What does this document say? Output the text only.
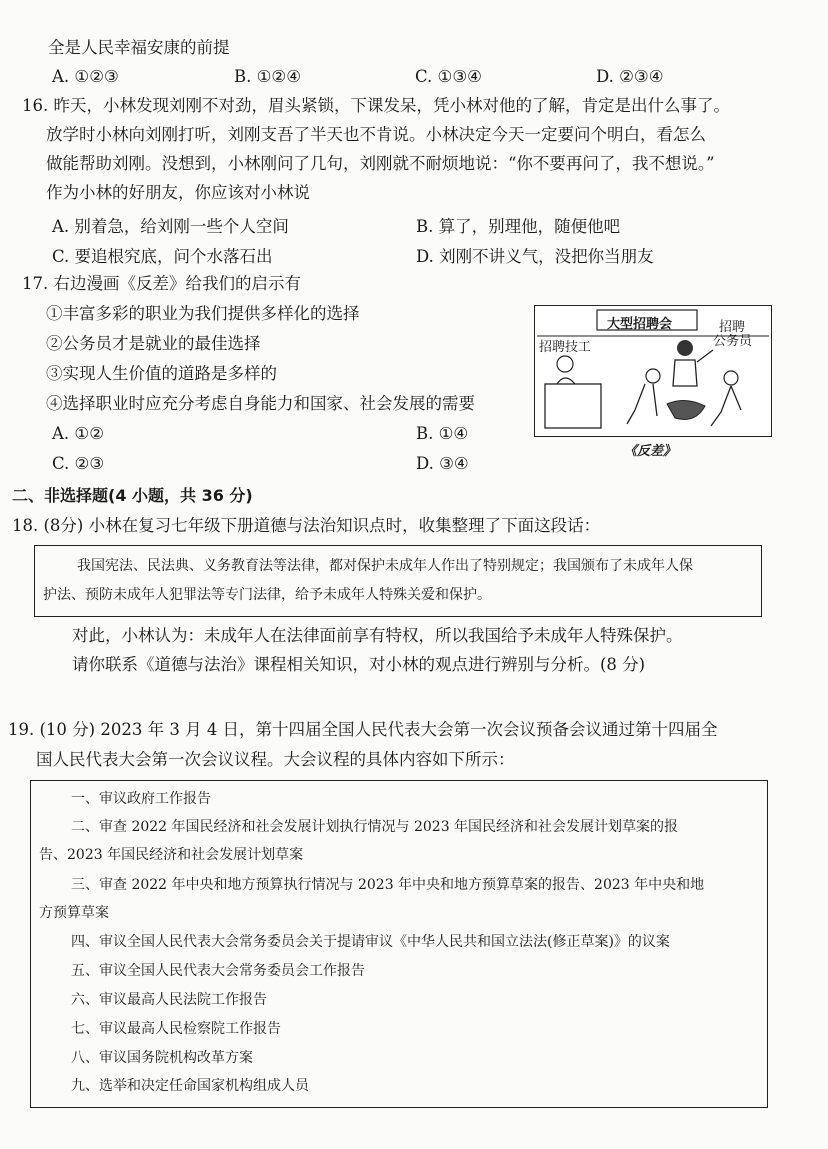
全是人民幸福安康的前提
A. ①②③	B. ①②④	C. ①③④	D. ②③④
16. 昨天，小林发现刘刚不对劲，眉头紧锁，下课发呆，凭小林对他的了解，肯定是出什么事了。
放学时小林向刘刚打听，刘刚支吾了半天也不肯说。小林决定今天一定要问个明白，看怎么
做能帮助刘刚。没想到，小林刚问了几句，刘刚就不耐烦地说：“你不要再问了，我不想说。”
作为小林的好朋友，你应该对小林说
A. 别着急，给刘刚一些个人空间	B. 算了，别理他，随便他吧
C. 要追根究底，问个水落石出	D. 刘刚不讲义气，没把你当朋友
17. 右边漫画《反差》给我们的启示有
①丰富多彩的职业为我们提供多样化的选择
②公务员才是就业的最佳选择
③实现人生价值的道路是多样的
④选择职业时应充分考虑自身能力和国家、社会发展的需要
A. ①②	B. ①④
C. ②③	D. ③④
大型招聘会
招聘技工
招聘
公务员
《反差》
二、非选择题(4 小题，共 36 分)
18. (8分) 小林在复习七年级下册道德与法治知识点时，收集整理了下面这段话：
我国宪法、民法典、义务教育法等法律，都对保护未成年人作出了特别规定；我国颁布了未成年人保
护法、预防未成年人犯罪法等专门法律，给予未成年人特殊关爱和保护。
对此，小林认为：未成年人在法律面前享有特权，所以我国给予未成年人特殊保护。
请你联系《道德与法治》课程相关知识，对小林的观点进行辨别与分析。(8 分)
19. (10 分) 2023 年 3 月 4 日，第十四届全国人民代表大会第一次会议预备会议通过第十四届全
国人民代表大会第一次会议议程。大会议程的具体内容如下所示：
一、审议政府工作报告
二、审查 2022 年国民经济和社会发展计划执行情况与 2023 年国民经济和社会发展计划草案的报
告、2023 年国民经济和社会发展计划草案
三、审查 2022 年中央和地方预算执行情况与 2023 年中央和地方预算草案的报告、2023 年中央和地
方预算草案
四、审议全国人民代表大会常务委员会关于提请审议《中华人民共和国立法法(修正草案)》的议案
五、审议全国人民代表大会常务委员会工作报告
六、审议最高人民法院工作报告
七、审议最高人民检察院工作报告
八、审议国务院机构改革方案
九、选举和决定任命国家机构组成人员
